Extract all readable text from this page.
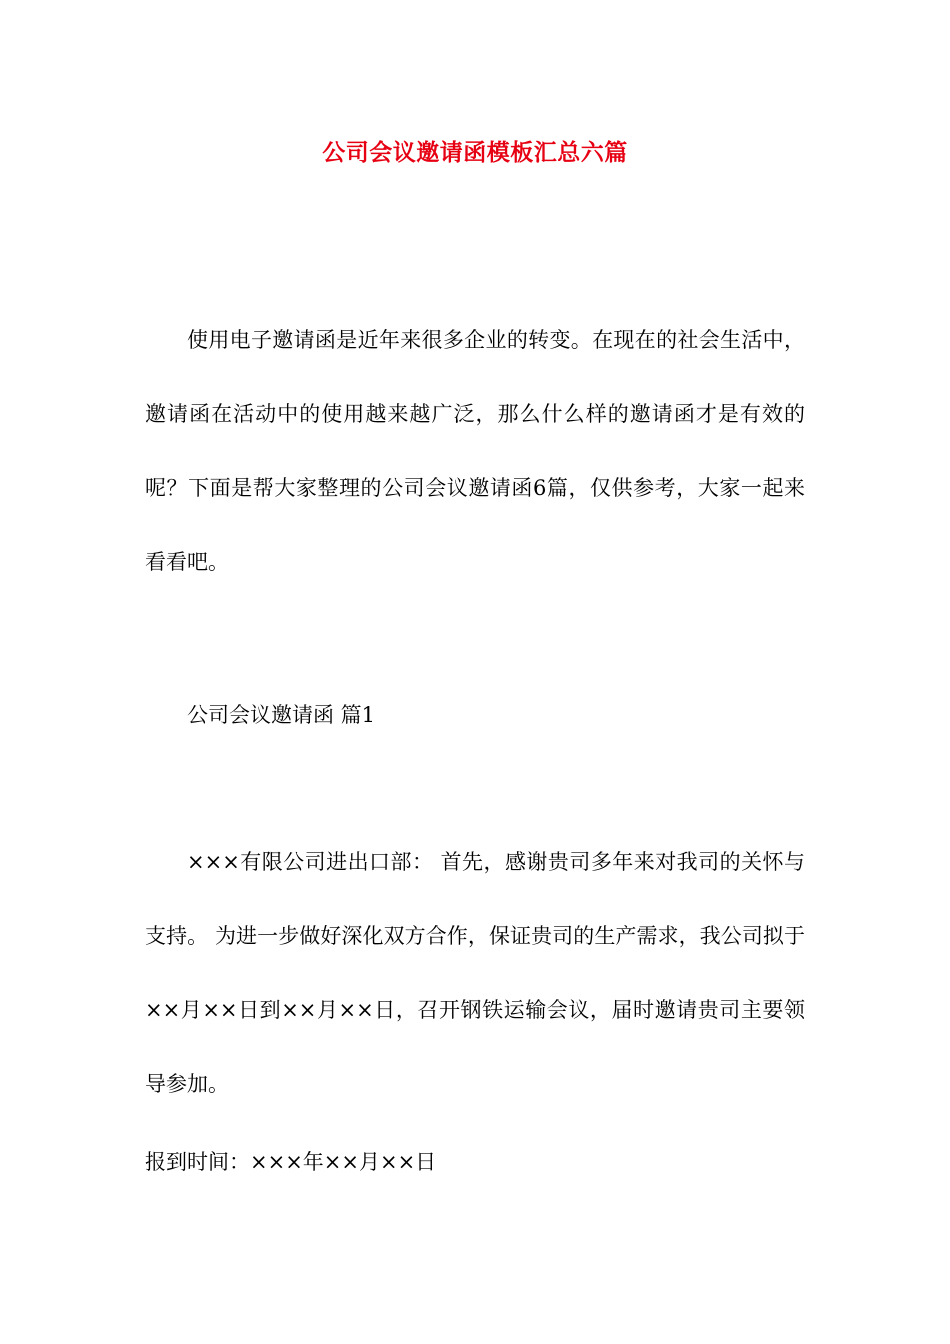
公司会议邀请函模板汇总六篇

使用电子邀请函是近年来很多企业的转变。在现在的社会生活中，邀请函在活动中的使用越来越广泛，那么什么样的邀请函才是有效的呢？下面是帮大家整理的公司会议邀请函6篇，仅供参考，大家一起来看看吧。

公司会议邀请函 篇1

×××有限公司进出口部： 首先，感谢贵司多年来对我司的关怀与支持。 为进一步做好深化双方合作，保证贵司的生产需求，我公司拟于××月××日到××月××日，召开钢铁运输会议，届时邀请贵司主要领导参加。

报到时间：×××年××月××日
